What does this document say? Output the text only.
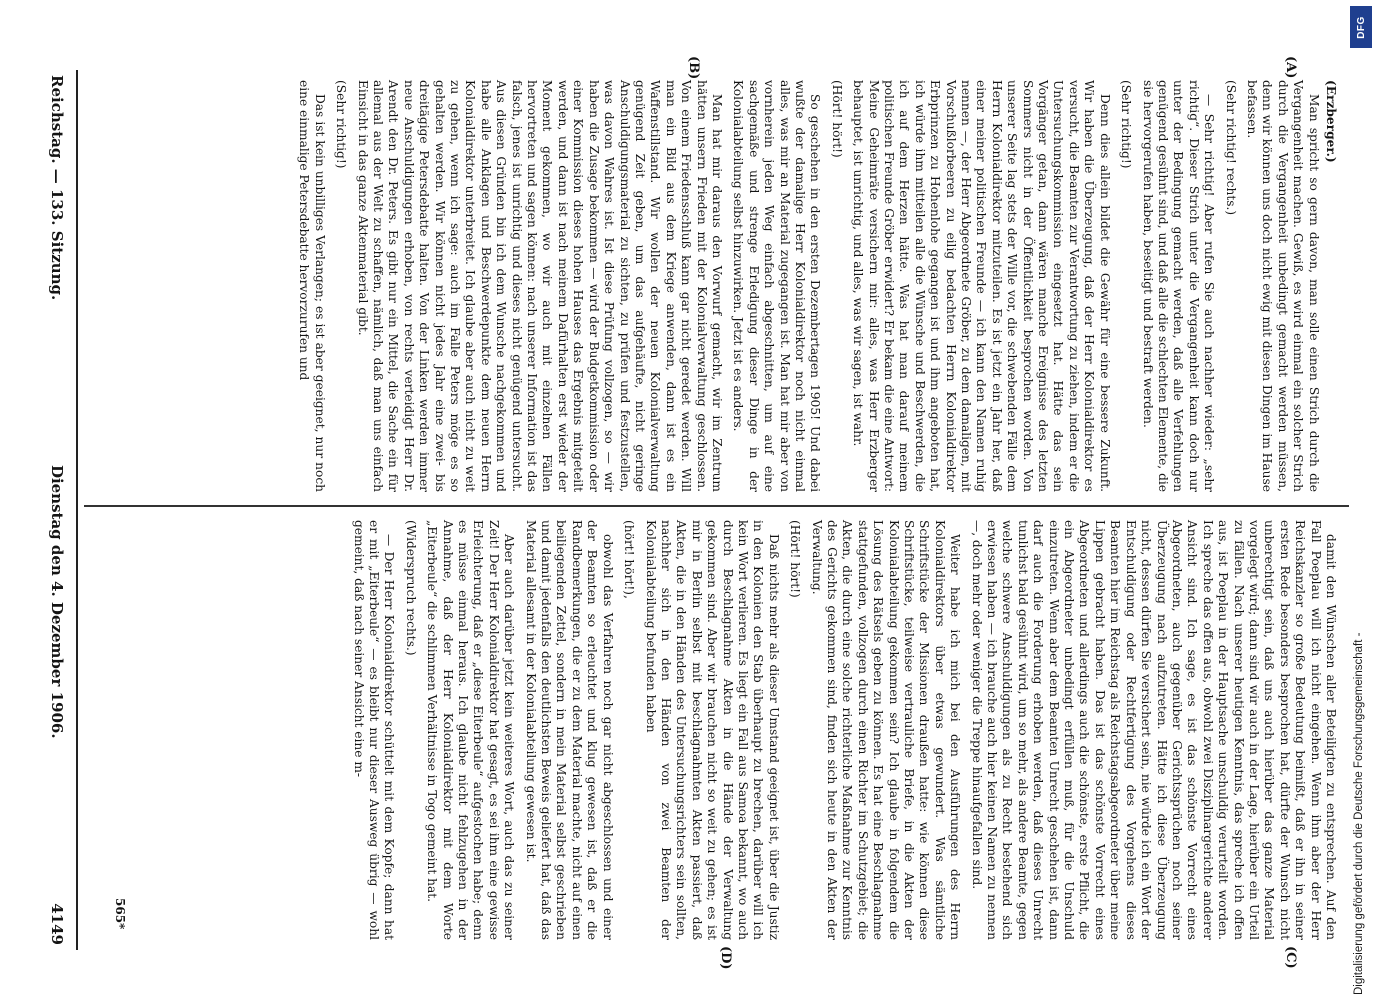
Reichstag. — 133. Sitzung.
Dienstag den 4. Dezember 1906.
4149
(A)
(B)
(C)
(D)
(Erzberger.)

Man spricht so gern davon, man solle einen Strich durch die Vergangenheit machen. Gewiß, es wird einmal ein solcher Strich durch die Vergangenheit unbedingt gemacht werden müssen, denn wir können uns doch nicht ewig mit diesen Dingen im Hause befassen.

(Sehr richtig! rechts.)

— Sehr richtig! Aber rufen Sie auch nachher wieder: „sehr richtig“. Dieser Strich unter die Vergangenheit kann doch nur unter der Bedingung gemacht werden, daß alle Verfehlungen genügend gesühnt sind, und daß alle die schlechten Elemente, die sie hervorgerufen haben, beseitigt und bestraft werden.

(Sehr richtig!)

Denn dies allein bildet die Gewähr für eine bessere Zukunft. Wir haben die Überzeugung, daß der Herr Kolonialdirektor es versucht, die Beamten zur Verantwortung zu ziehen, indem er die Untersuchungskommission eingesetzt hat. Hätte das sein Vorgänger getan, dann wären manche Ereignisse des letzten Sommers nicht in der Öffentlichkeit besprochen worden. Von unserer Seite lag stets der Wille vor, die schwebenden Fälle dem Herrn Kolonialdirektor mitzuteilen. Es ist jetzt ein Jahr her, daß einer meiner politischen Freunde — ich kann den Namen ruhig nennen —, der Herr Abgeordnete Gröber, zu dem damaligen, mit Vorschußlorbeeren zu eilig bedachten Herrn Kolonialdirektor Erbprinzen zu Hohenlohe gegangen ist und ihm angeboten hat, ich würde ihm mitteilen alle die Wünsche und Beschwerden, die ich auf dem Herzen hätte. Was hat man darauf meinem politischen Freunde Gröber erwidert? Er bekam die eine Antwort: Meine Geheimräte versichern mir: alles, was Herr Erzberger behauptet, ist unrichtig, und alles, was wir sagen, ist wahr.

(Hört! hört!)

So geschehen in den ersten Dezembertagen 1905! Und dabei wußte der damalige Herr Kolonialdirektor noch nicht einmal alles, was mir an Material zugegangen ist. Man hat mir aber von vornherein jeden Weg einfach abgeschnitten, um auf eine sachgemäße und strenge Erledigung dieser Dinge in der Kolonialabteilung selbst hinzuwirken. Jetzt ist es anders.

Man hat mir daraus den Vorwurf gemacht, wir im Zentrum hätten unsern Frieden mit der Kolonialverwaltung geschlossen. Von einem Friedensschluß kann gar nicht geredet werden. Will man ein Bild aus dem Kriege anwenden, dann ist es ein Waffenstillstand. Wir wollen der neuen Kolonialverwaltung genügend Zeit geben, um das aufgehäufte, nicht geringe Anschuldigungsmaterial zu sichten, zu prüfen und festzustellen, was davon Wahres ist. Ist diese Prüfung vollzogen, so — wir haben die Zusage bekommen — wird der Budgetkommission oder einer Kommission dieses hohen Hauses das Ergebnis mitgeteilt werden, und dann ist nach meinem Dafürhalten erst wieder der Moment gekommen, wo wir auch mit einzelnen Fällen hervortreten und sagen können: nach unserer Information ist das falsch, jenes ist unrichtig und dieses nicht genügend untersucht. Aus diesen Gründen bin ich dem Wunsche nachgekommen und habe alle Anklagen und Beschwerdepunkte dem neuen Herrn Kolonialdirektor unterbreitet. Ich glaube aber auch nicht zu weit zu gehen, wenn ich sage: auch im Falle Peters möge es so gehalten werden. Wir können nicht jedes Jahr eine zwei- bis dreitägige Petersdebatte halten. Von der Linken werden immer neue Anschuldigungen erhoben, von rechts verteidigt Herr Dr. Arendt den Dr. Peters. Es gibt nur ein Mittel, die Sache ein für allemal aus der Welt zu schaffen, nämlich, daß man uns einfach Einsicht in das ganze Aktenmaterial gibt.

(Sehr richtig!)

Das ist kein unbilliges Verlangen; es ist aber geeignet, nur noch eine einmalige Petersdebatte hervorzurufen und

damit den Wünschen aller Beteiligten zu entsprechen. Auf den Fall Poeplau will ich nicht eingehen. Wenn ihm aber der Herr Reichskanzler so große Bedeutung beimißt, daß er ihn in seiner ersten Rede besonders besprochen hat, dürfte der Wunsch nicht unberechtigt sein, daß uns auch hierüber das ganze Material vorgelegt wird; dann sind wir auch in der Lage, hierüber ein Urteil zu fällen. Nach unserer heutigen Kenntnis, das spreche ich offen aus, ist Poeplau in der Hauptsache unschuldig verurteilt worden. Ich spreche das offen aus, obwohl zwei Disziplinargerichte anderer Ansicht sind. Ich sage, es ist das schönste Vorrecht eines Abgeordneten, auch gegenüber Gerichtssprüchen noch seiner Überzeugung nach aufzutreten. Hätte ich diese Überzeugung nicht, dessen dürfen Sie versichert sein, nie würde ich ein Wort der Entschuldigung oder Rechtfertigung des Vorgehens dieses Beamten hier im Reichstag als Reichstagsabgeordneter über meine Lippen gebracht haben. Das ist das schönste Vorrecht eines Abgeordneten und allerdings auch die schönste, erste Pflicht, die ein Abgeordneter unbedingt erfüllen muß, für die Unschuld einzutreten. Wenn aber dem Beamten Unrecht geschehen ist, dann darf auch die Forderung erhoben werden, daß dieses Unrecht tunlichst bald gesühnt wird, um so mehr, als andere Beamte, gegen welche schwere Anschuldigungen als zu Recht bestehend sich erwiesen haben — ich brauche auch hier keinen Namen zu nennen —, doch mehr oder weniger die Treppe hinaufgefallen sind.

Weiter habe ich mich bei den Ausführungen des Herrn Kolonialdirektors über etwas gewundert. Was sämtliche Schriftstücke der Missionen draußen hatte: wie können diese Schriftstücke, teilweise vertrauliche Briefe, in die Akten der Kolonialabteilung gekommen sein? Ich glaube in folgendem die Lösung des Rätsels geben zu können. Es hat eine Beschlagnahme stattgefunden, vollzogen durch einen Richter im Schutzgebiet; die Akten, die durch eine solche richterliche Maßnahme zur Kenntnis des Gerichts gekommen sind, finden sich heute in den Akten der Verwaltung.

(Hört! hört!)

Daß nichts mehr als dieser Umstand geeignet ist, über die Justiz in den Kolonien den Stab überhaupt zu brechen, darüber will ich kein Wort verlieren. Es liegt ein Fall aus Samoa bekannt, wo auch durch Beschlagnahme Akten in die Hände der Verwaltung gekommen sind. Aber wir brauchen nicht so weit zu gehen; es ist mir in Berlin selbst mit beschlagnahmten Akten passiert, daß Akten, die in den Händen des Untersuchungsrichters sein sollten, nachher sich in den Händen von zwei Beamten der Kolonialabteilung befunden haben

(hört! hört!),

obwohl das Verfahren noch gar nicht abgeschlossen und einer der Beamten so erleuchtet und klug gewesen ist, daß er die Randbemerkungen, die er zu dem Material machte, nicht auf einen beiliegenden Zettel, sondern in mein Material selbst geschrieben und damit jedenfalls den deutlichsten Beweis geliefert hat, daß das Material allesamt in der Kolonialabteilung gewesen ist.

Aber auch darüber jetzt kein weiteres Wort, auch das zu seiner Zeit! Der Herr Kolonialdirektor hat gesagt, es sei ihm eine gewisse Erleichterung, daß er „diese Eiterbeule“ aufgestochen habe; denn es müsse einmal heraus. Ich glaube nicht fehlzugehen in der Annahme, daß der Herr Kolonialdirektor mit dem Worte „Eiterbeule“ die schlimmen Verhältnisse in Togo gemeint hat.

(Widerspruch rechts.)

— Der Herr Kolonialdirektor schüttelt mit dem Kopfe; dann hat er mit „Eiterbeule“ — es bleibt nur dieser Ausweg übrig — wohl gemeint, daß nach seiner Ansicht eine m-

565*
DFG
Digitalisierung gefördert durch die Deutsche Forschungsgemeinschaft -
